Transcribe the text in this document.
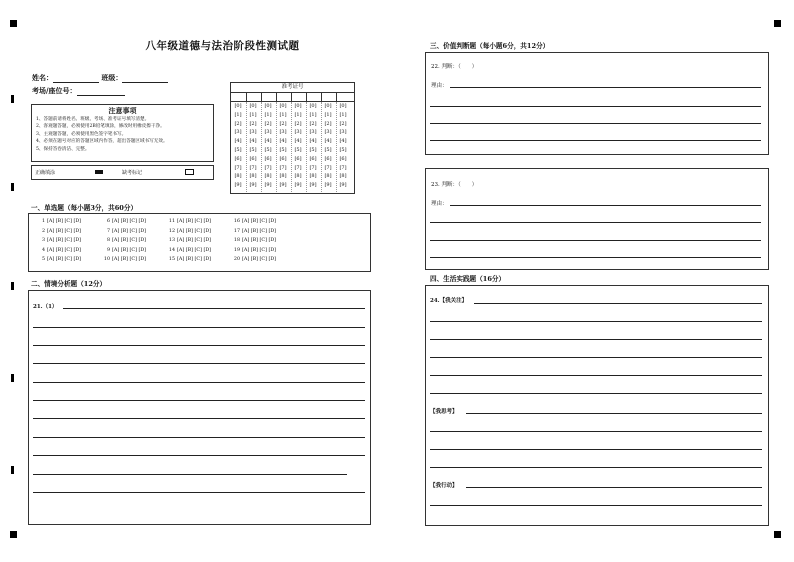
八年级道德与法治阶段性测试题
姓名：	班级：
考场/座位号：
注意事项
1、答题前请将姓名、班级、考场、准考证号填写清楚。
2、客观题答题，必须使用2B铅笔填涂，修改时用橡皮擦干净。
3、主观题答题，必须使用黑色签字笔书写。
4、必须在题号对应的答题区域内作答，超出答题区域书写无效。
5、保持答卷清洁、完整。
正确填涂	缺考标记
准考证号
[0]
[1]
[2]
[3]
[4]
[5]
[6]
[7]
[8]
[9]
[0]
[1]
[2]
[3]
[4]
[5]
[6]
[7]
[8]
[9]
[0]
[1]
[2]
[3]
[4]
[5]
[6]
[7]
[8]
[9]
[0]
[1]
[2]
[3]
[4]
[5]
[6]
[7]
[8]
[9]
[0]
[1]
[2]
[3]
[4]
[5]
[6]
[7]
[8]
[9]
[0]
[1]
[2]
[3]
[4]
[5]
[6]
[7]
[8]
[9]
[0]
[1]
[2]
[3]
[4]
[5]
[6]
[7]
[8]
[9]
[0]
[1]
[2]
[3]
[4]
[5]
[6]
[7]
[8]
[9]
一、单选题（每小题3分，共60分）
1 [A] [B] [C] [D]
2 [A] [B] [C] [D]
3 [A] [B] [C] [D]
4 [A] [B] [C] [D]
5 [A] [B] [C] [D]
6 [A] [B] [C] [D]
7 [A] [B] [C] [D]
8 [A] [B] [C] [D]
9 [A] [B] [C] [D]
10 [A] [B] [C] [D]
11 [A] [B] [C] [D]
12 [A] [B] [C] [D]
13 [A] [B] [C] [D]
14 [A] [B] [C] [D]
15 [A] [B] [C] [D]
16 [A] [B] [C] [D]
17 [A] [B] [C] [D]
18 [A] [B] [C] [D]
19 [A] [B] [C] [D]
20 [A] [B] [C] [D]
二、情境分析题（12分）
21.（1）
三、价值判断题（每小题6分，共12分）
22. 判断：（　　）
理由：
23. 判断：（　　）
理由：
四、生活实践题（16分）
24.【我关注】
【我思考】
【我行动】
